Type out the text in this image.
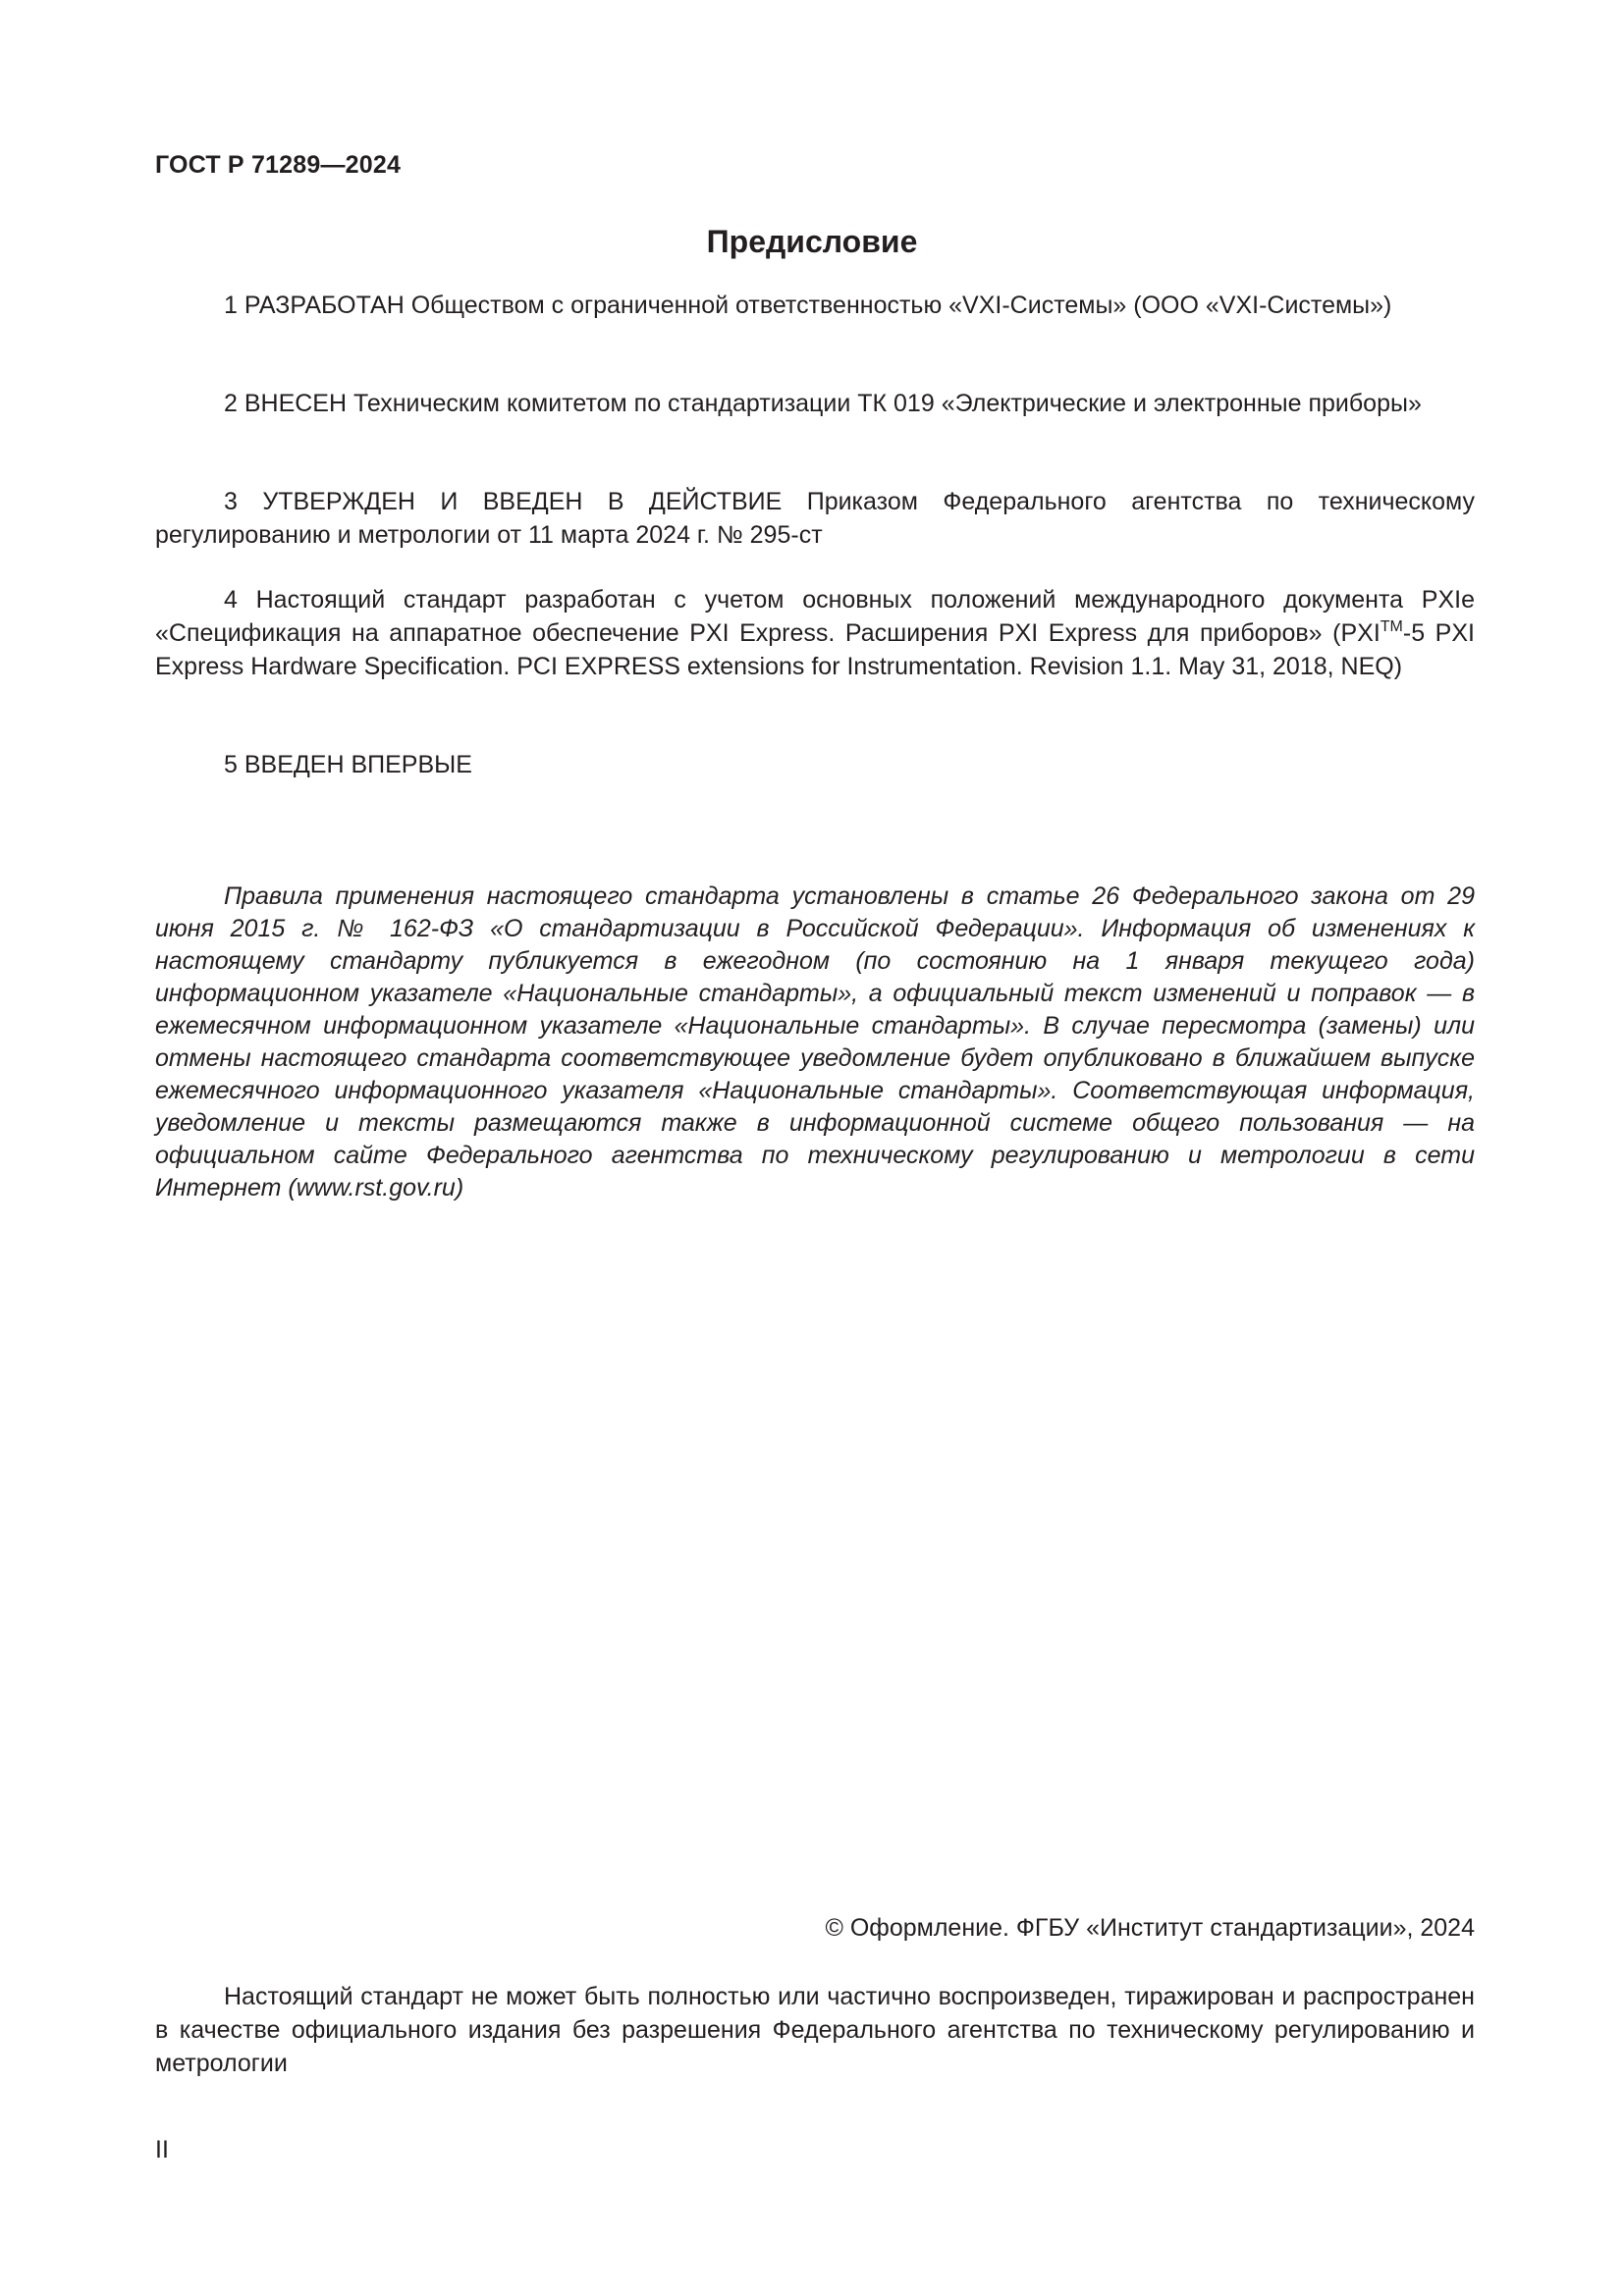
ГОСТ Р 71289—2024
Предисловие

1 РАЗРАБОТАН Обществом с ограниченной ответственностью «VXI-Системы» (ООО «VXI-Системы»)

2 ВНЕСЕН Техническим комитетом по стандартизации ТК 019 «Электрические и электронные приборы»

3 УТВЕРЖДЕН И ВВЕДЕН В ДЕЙСТВИЕ Приказом Федерального агентства по техническому регулированию и метрологии от 11 марта 2024 г. № 295-ст

4 Настоящий стандарт разработан с учетом основных положений международного документа PXIe «Спецификация на аппаратное обеспечение PXI Express. Расширения PXI Express для приборов» (PXI™-5 PXI Express Hardware Specification. PCI EXPRESS extensions for Instrumentation. Revision 1.1. May 31, 2018, NEQ)

5 ВВЕДЕН ВПЕРВЫЕ

Правила применения настоящего стандарта установлены в статье 26 Федерального закона от 29 июня 2015 г. № 162-ФЗ «О стандартизации в Российской Федерации». Информация об изменениях к настоящему стандарту публикуется в ежегодном (по состоянию на 1 января текущего года) информационном указателе «Национальные стандарты», а официальный текст изменений и поправок — в ежемесячном информационном указателе «Национальные стандарты». В случае пересмотра (замены) или отмены настоящего стандарта соответствующее уведомление будет опубликовано в ближайшем выпуске ежемесячного информационного указателя «Национальные стандарты». Соответствующая информация, уведомление и тексты размещаются также в информационной системе общего пользования — на официальном сайте Федерального агентства по техническому регулированию и метрологии в сети Интернет (www.rst.gov.ru)

© Оформление. ФГБУ «Институт стандартизации», 2024

Настоящий стандарт не может быть полностью или частично воспроизведен, тиражирован и распространен в качестве официального издания без разрешения Федерального агентства по техническому регулированию и метрологии

II
